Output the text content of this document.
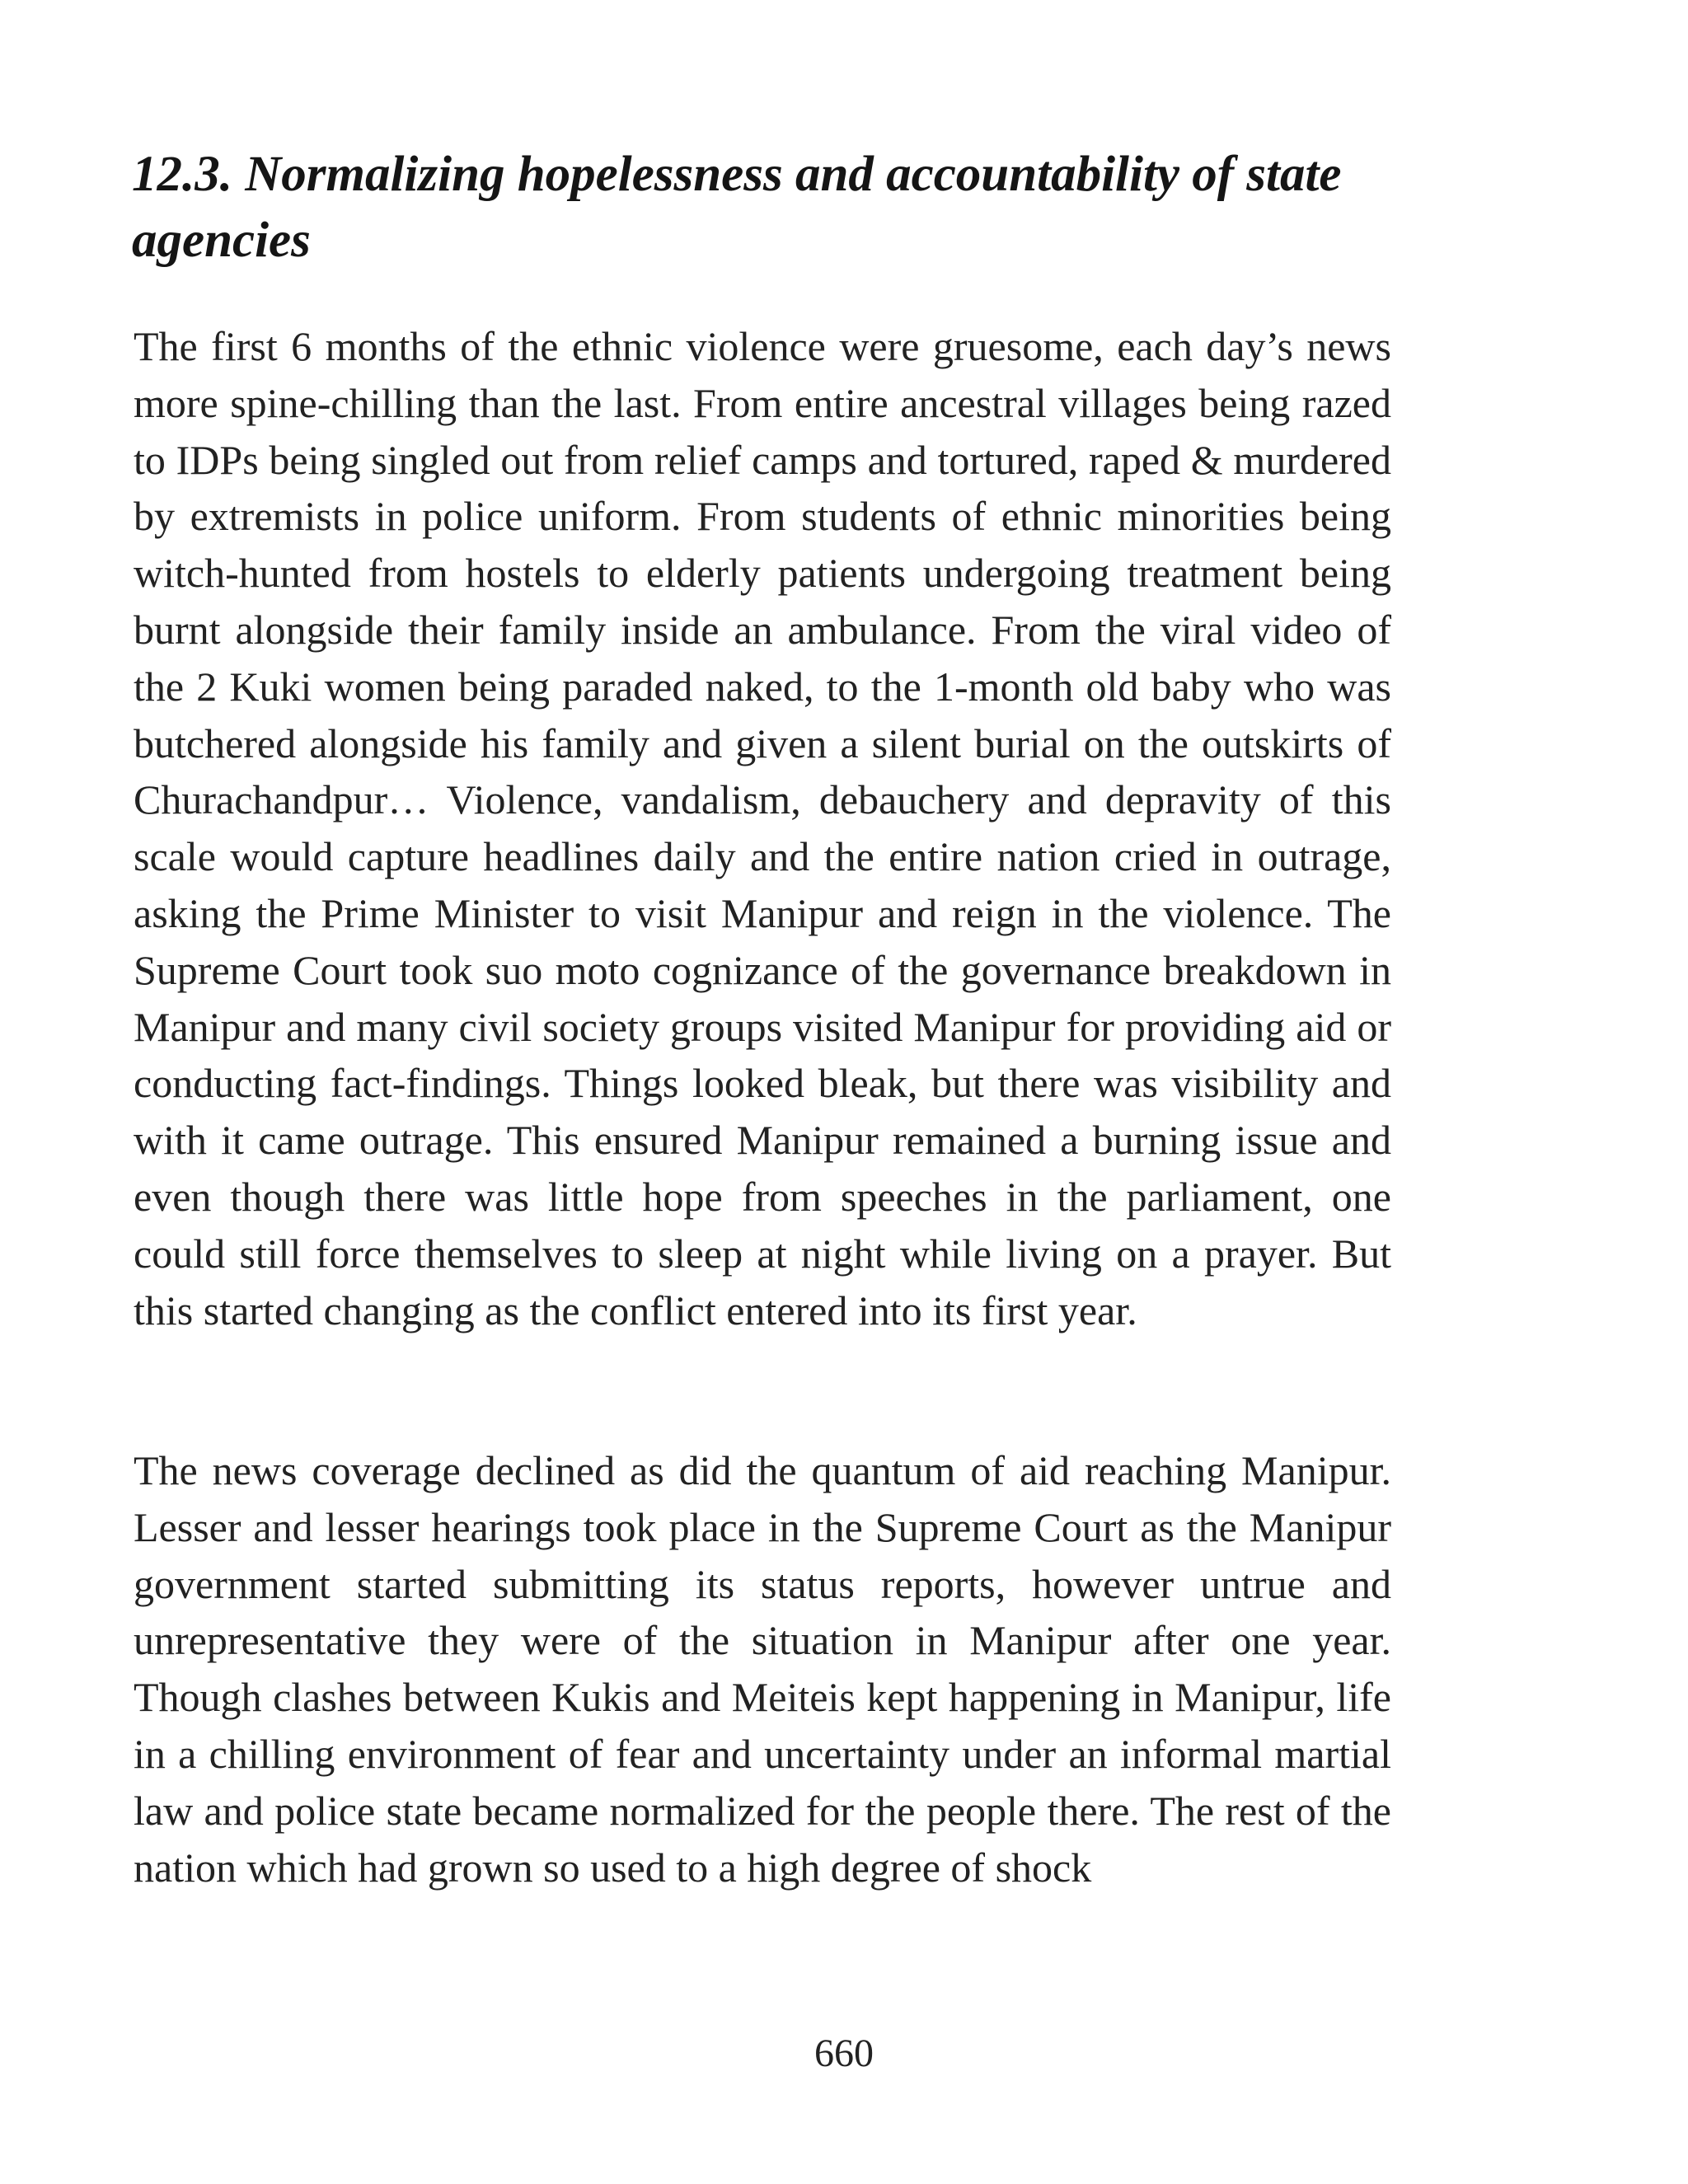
12.3. Normalizing hopelessness and accountability of state agencies

The first 6 months of the ethnic violence were gruesome, each day’s news more spine-chilling than the last. From entire ancestral villages being razed to IDPs being singled out from relief camps and tortured, raped & murdered by extremists in police uniform. From students of ethnic minorities being witch-hunted from hostels to elderly patients undergoing treatment being burnt alongside their family inside an ambulance. From the viral video of the 2 Kuki women being paraded naked, to the 1-month old baby who was butchered alongside his family and given a silent burial on the outskirts of Churachandpur… Violence, vandalism, debauchery and depravity of this scale would capture headlines daily and the entire nation cried in outrage, asking the Prime Minister to visit Manipur and reign in the violence. The Supreme Court took suo moto cognizance of the governance breakdown in Manipur and many civil society groups visited Manipur for providing aid or conducting fact-findings. Things looked bleak, but there was visibility and with it came outrage. This ensured Manipur remained a burning issue and even though there was little hope from speeches in the parliament, one could still force themselves to sleep at night while living on a prayer. But this started changing as the conflict entered into its first year.

The news coverage declined as did the quantum of aid reaching Manipur. Lesser and lesser hearings took place in the Supreme Court as the Manipur government started submitting its status reports, however untrue and unrepresentative they were of the situation in Manipur after one year. Though clashes between Kukis and Meiteis kept happening in Manipur, life in a chilling environment of fear and uncertainty under an informal martial law and police state became normalized for the people there. The rest of the nation which had grown so used to a high degree of shock

660
